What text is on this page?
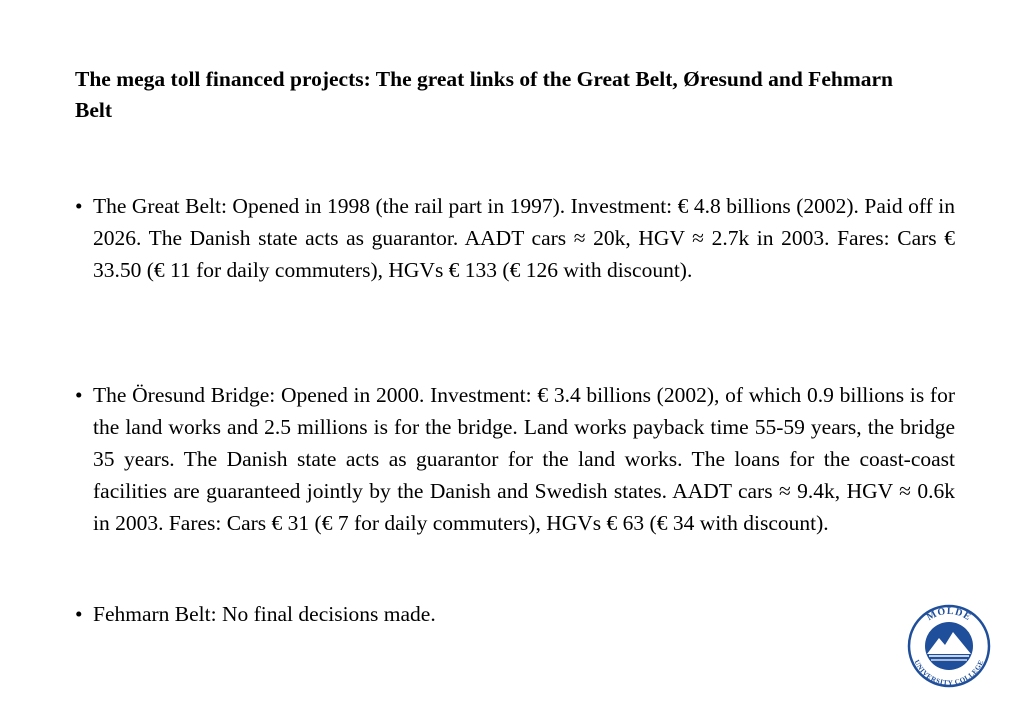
The mega toll financed projects: The great links of the Great Belt, Øresund and Fehmarn Belt
• The Great Belt: Opened in 1998 (the rail part in 1997). Investment: € 4.8 billions (2002). Paid off in 2026. The Danish state acts as guarantor. AADT cars ≈ 20k, HGV ≈ 2.7k in 2003. Fares: Cars € 33.50 (€ 11 for daily commuters), HGVs € 133 (€ 126 with discount).
• The Öresund Bridge: Opened in 2000. Investment: € 3.4 billions (2002), of which 0.9 billions is for the land works and 2.5 millions is for the bridge. Land works payback time 55-59 years, the bridge 35 years. The Danish state acts as guarantor for the land works. The loans for the coast-coast facilities are guaranteed jointly by the Danish and Swedish states. AADT cars ≈ 9.4k, HGV ≈ 0.6k in 2003. Fares: Cars € 31 (€ 7 for daily commuters), HGVs € 63 (€ 34 with discount).
• Fehmarn Belt: No final decisions made.	MOLDE
UNIVERSITY COLLEGE
